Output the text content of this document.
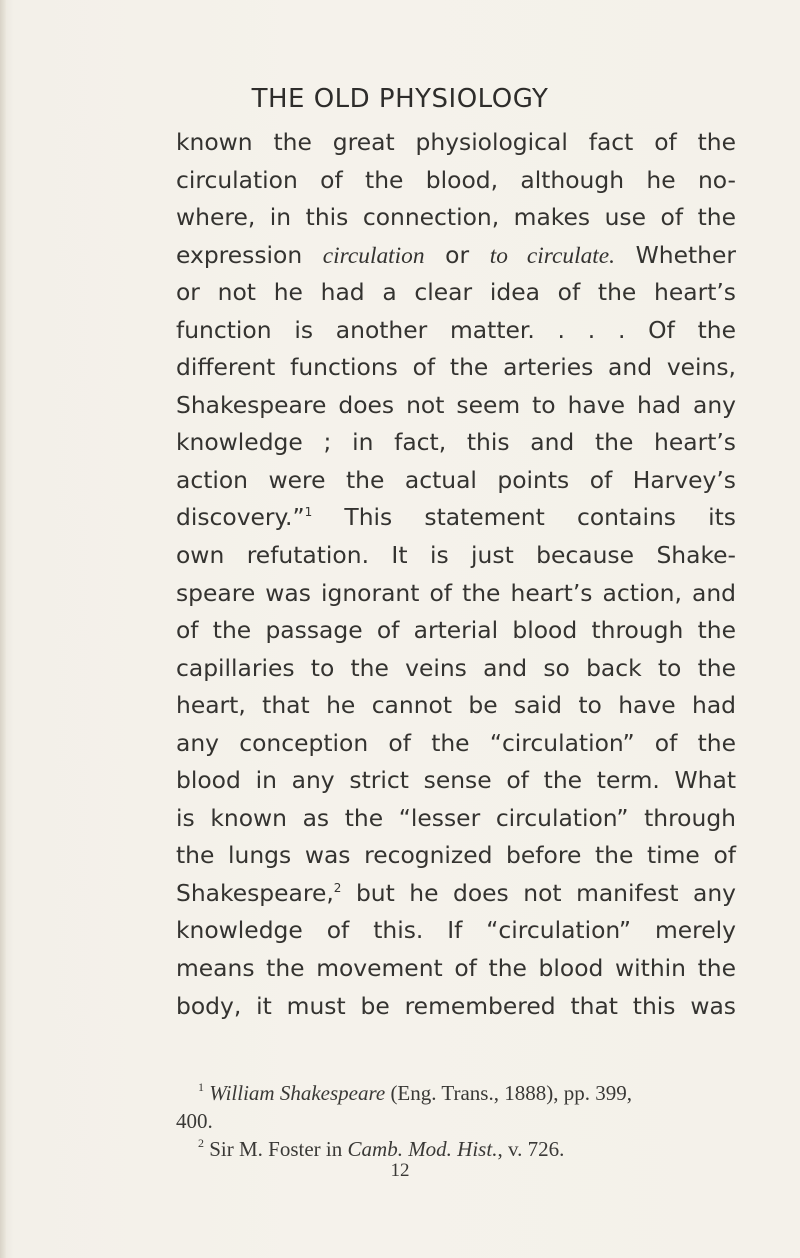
THE OLD PHYSIOLOGY
known the great physiological fact of the
circulation of the blood, although he no-
where, in this connection, makes use of the
expression circulation or to circulate. Whether
or not he had a clear idea of the heart’s
function is another matter. . . . Of the
different functions of the arteries and veins,
Shakespeare does not seem to have had any
knowledge ; in fact, this and the heart’s
action were the actual points of Harvey’s
discovery.”$^1$ This statement contains its
own refutation. It is just because Shake-
speare was ignorant of the heart’s action, and
of the passage of arterial blood through the
capillaries to the veins and so back to the
heart, that he cannot be said to have had
any conception of the “circulation” of the
blood in any strict sense of the term. What
is known as the “lesser circulation” through
the lungs was recognized before the time of
Shakespeare,$^2$ but he does not manifest any
knowledge of this. If “circulation” merely
means the movement of the blood within the
body, it must be remembered that this was
$^1$ William Shakespeare (Eng. Trans., 1888), pp. 399,
400.
$^2$ Sir M. Foster in Camb. Mod. Hist., v. 726.
12
